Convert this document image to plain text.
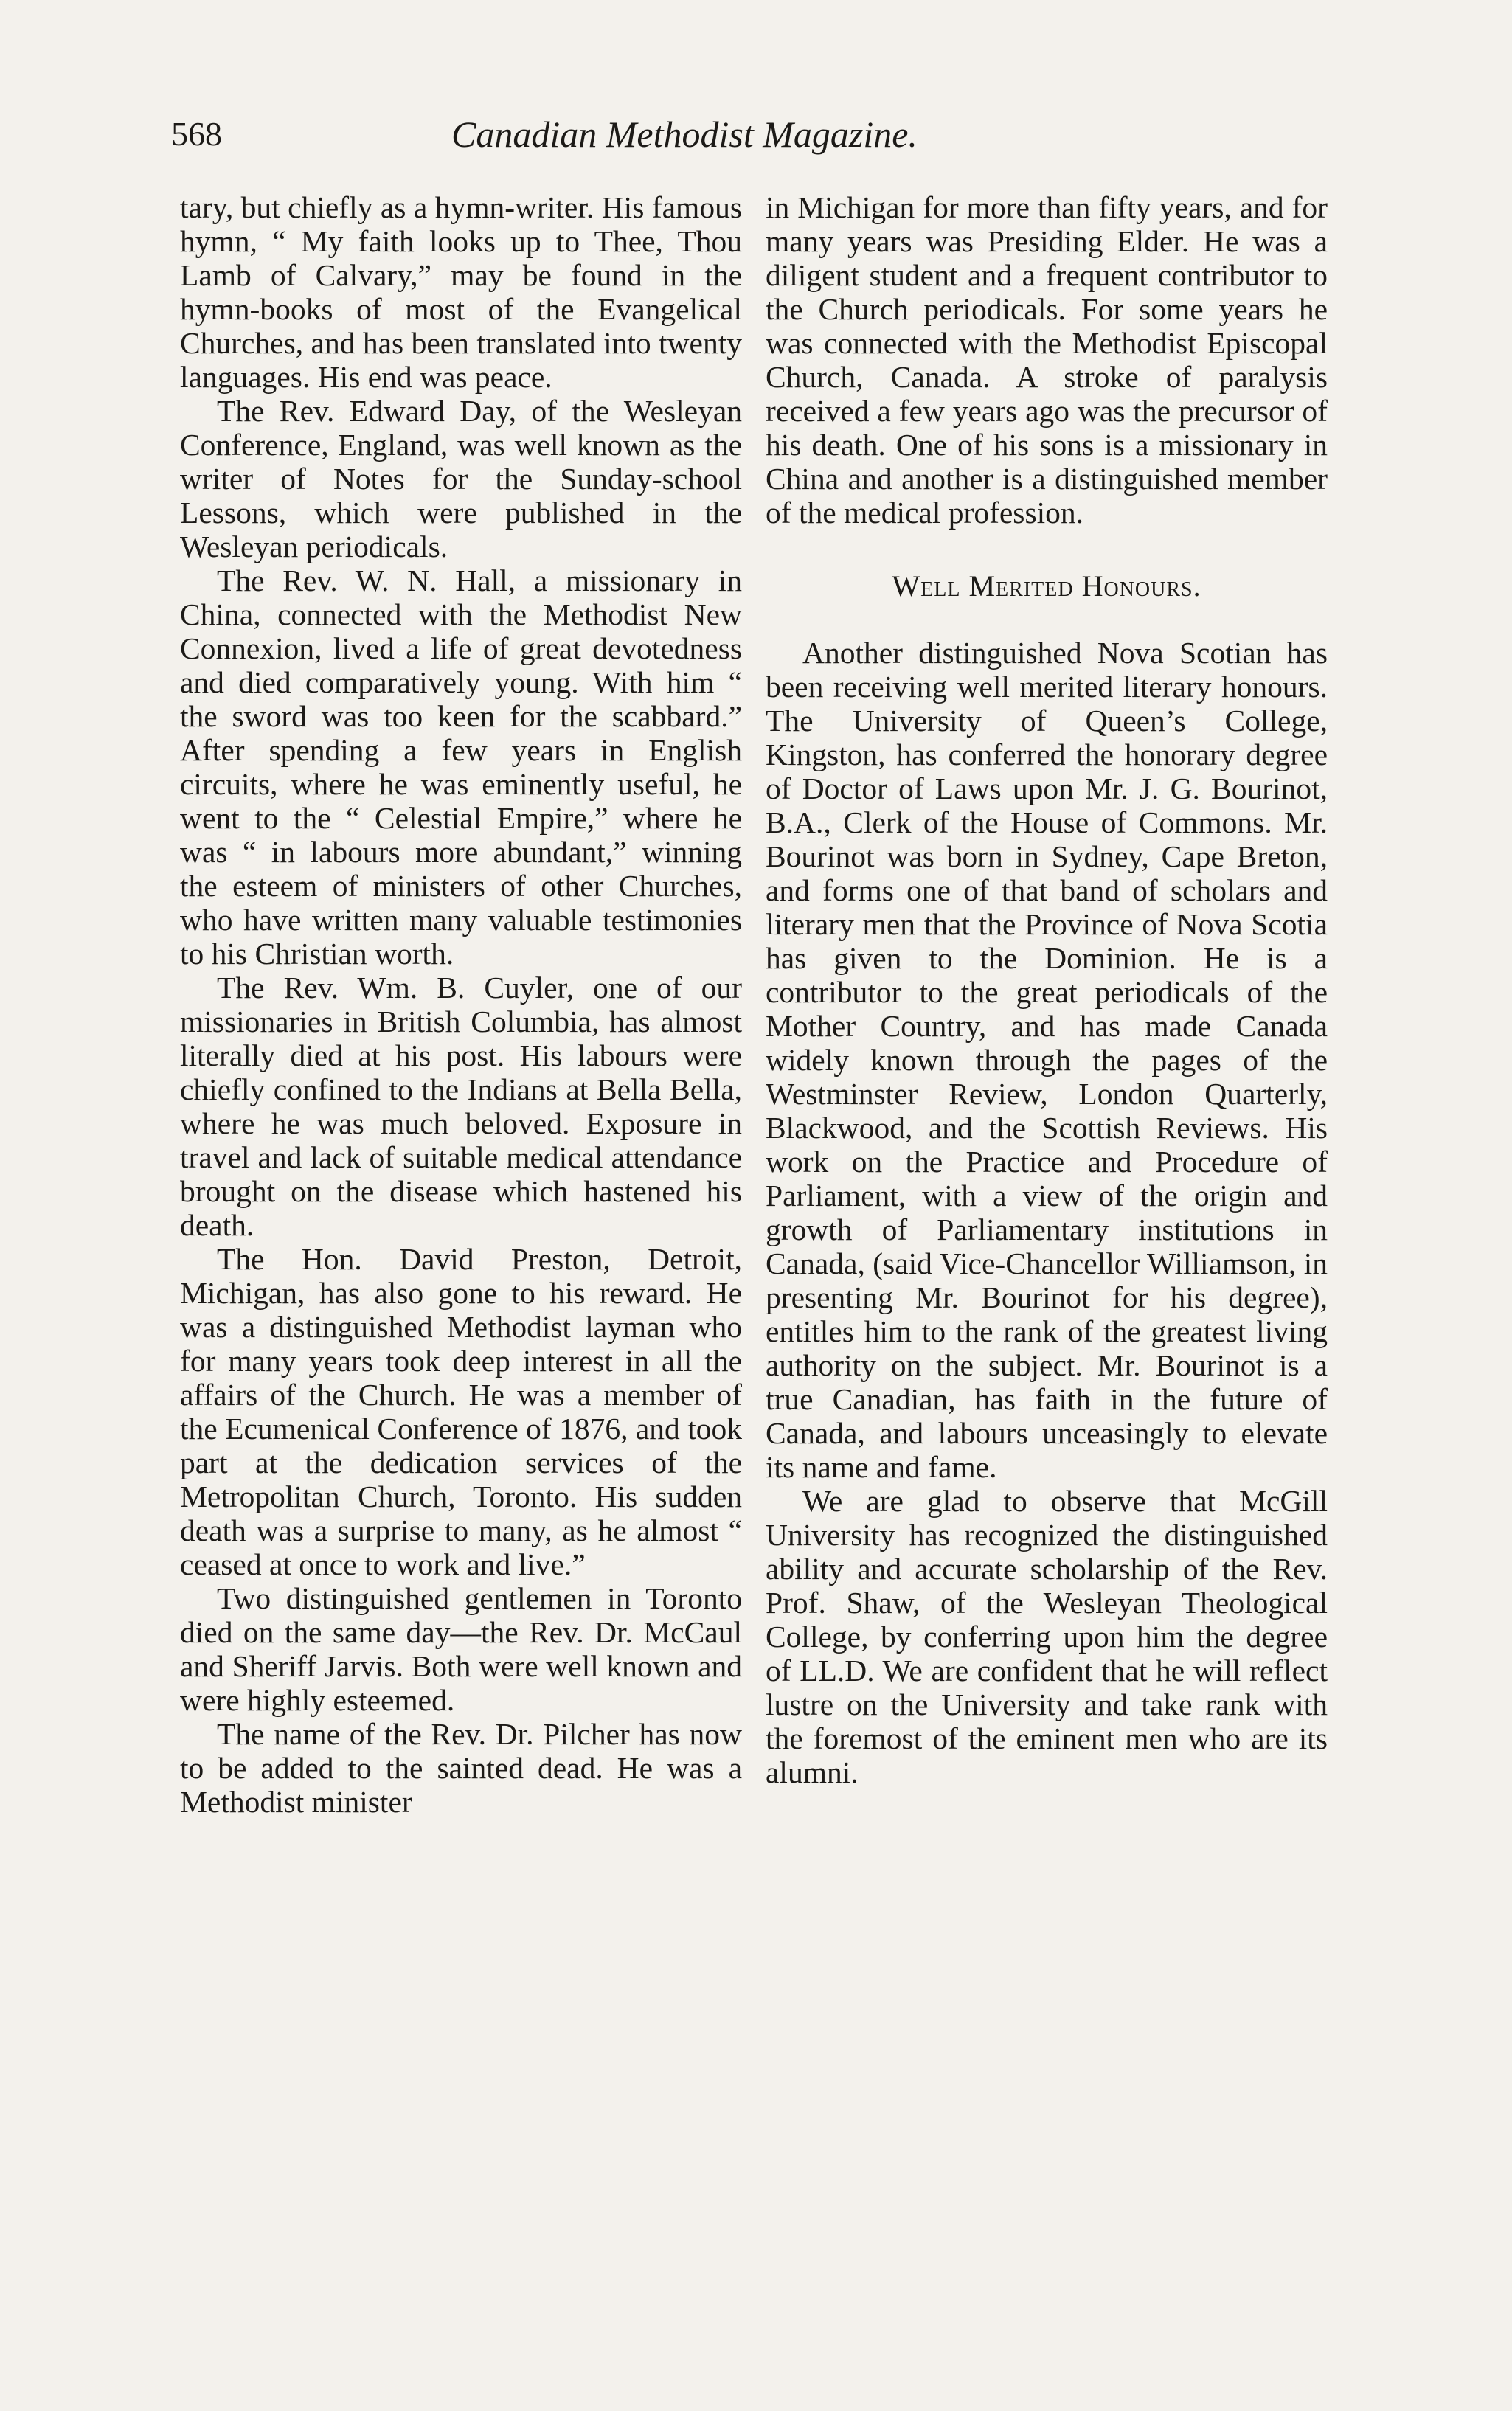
568	Canadian Methodist Magazine.

tary, but chiefly as a hymn-writer. His famous hymn, “ My faith looks up to Thee, Thou Lamb of Calvary,” may be found in the hymn-books of most of the Evangelical Churches, and has been translated into twenty languages. His end was peace.

The Rev. Edward Day, of the Wesleyan Conference, England, was well known as the writer of Notes for the Sunday-school Lessons, which were published in the Wesleyan periodicals.

The Rev. W. N. Hall, a missionary in China, connected with the Methodist New Connexion, lived a life of great devotedness and died comparatively young. With him “ the sword was too keen for the scabbard.” After spending a few years in English circuits, where he was eminently useful, he went to the “ Celestial Empire,” where he was “ in labours more abundant,” winning the esteem of ministers of other Churches, who have written many valuable testimonies to his Christian worth.

The Rev. Wm. B. Cuyler, one of our missionaries in British Columbia, has almost literally died at his post. His labours were chiefly confined to the Indians at Bella Bella, where he was much beloved. Exposure in travel and lack of suitable medical attendance brought on the disease which hastened his death.

The Hon. David Preston, Detroit, Michigan, has also gone to his reward. He was a distinguished Methodist layman who for many years took deep interest in all the affairs of the Church. He was a member of the Ecumenical Conference of 1876, and took part at the dedication services of the Metropolitan Church, Toronto. His sudden death was a surprise to many, as he almost “ ceased at once to work and live.”

Two distinguished gentlemen in Toronto died on the same day—the Rev. Dr. McCaul and Sheriff Jarvis. Both were well known and were highly esteemed.

The name of the Rev. Dr. Pilcher has now to be added to the sainted dead. He was a Methodist minister

in Michigan for more than fifty years, and for many years was Presiding Elder. He was a diligent student and a frequent contributor to the Church periodicals. For some years he was connected with the Methodist Episcopal Church, Canada. A stroke of paralysis received a few years ago was the precursor of his death. One of his sons is a missionary in China and another is a distinguished member of the medical profession.

Well Merited Honours.

Another distinguished Nova Scotian has been receiving well merited literary honours. The University of Queen’s College, Kingston, has conferred the honorary degree of Doctor of Laws upon Mr. J. G. Bourinot, B.A., Clerk of the House of Commons. Mr. Bourinot was born in Sydney, Cape Breton, and forms one of that band of scholars and literary men that the Province of Nova Scotia has given to the Dominion. He is a contributor to the great periodicals of the Mother Country, and has made Canada widely known through the pages of the Westminster Review, London Quarterly, Blackwood, and the Scottish Reviews. His work on the Practice and Procedure of Parliament, with a view of the origin and growth of Parliamentary institutions in Canada, (said Vice-Chancellor Williamson, in presenting Mr. Bourinot for his degree), entitles him to the rank of the greatest living authority on the subject. Mr. Bourinot is a true Canadian, has faith in the future of Canada, and labours unceasingly to elevate its name and fame.

We are glad to observe that McGill University has recognized the distinguished ability and accurate scholarship of the Rev. Prof. Shaw, of the Wesleyan Theological College, by conferring upon him the degree of LL.D. We are confident that he will reflect lustre on the University and take rank with the foremost of the eminent men who are its alumni.
